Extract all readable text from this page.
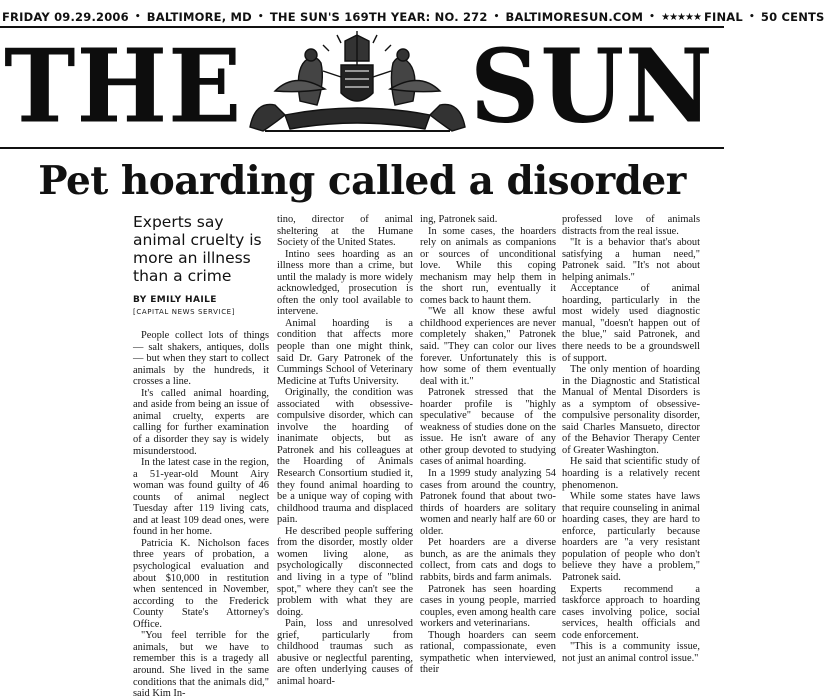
FRIDAY 09.29.2006 • BALTIMORE, MD • THE SUN'S 169TH YEAR: NO. 272 • BALTIMORESUN.COM • ★★★★★ FINAL • 50 CENTS
THE SUN
Pet hoarding called a disorder
Experts say animal cruelty is more an illness than a crime
BY EMILY HAILE
[CAPITAL NEWS SERVICE]

People collect lots of things — salt shakers, antiques, dolls — but when they start to collect animals by the hundreds, it crosses a line.

It's called animal hoarding, and aside from being an issue of animal cruelty, experts are calling for further examination of a disorder they say is widely misunderstood.

In the latest case in the region, a 51-year-old Mount Airy woman was found guilty of 46 counts of animal neglect Tuesday after 119 living cats, and at least 109 dead ones, were found in her home.

Patricia K. Nicholson faces three years of probation, a psychological evaluation and about $10,000 in restitution when sentenced in November, according to the Frederick County State's Attorney's Office.

"You feel terrible for the animals, but we have to remember this is a tragedy all around. She lived in the same conditions that the animals did," said Kim In-

tino, director of animal sheltering at the Humane Society of the United States.

Intino sees hoarding as an illness more than a crime, but until the malady is more widely acknowledged, prosecution is often the only tool available to intervene.

Animal hoarding is a condition that affects more people than one might think, said Dr. Gary Patronek of the Cummings School of Veterinary Medicine at Tufts University.

Originally, the condition was associated with obsessive-compulsive disorder, which can involve the hoarding of inanimate objects, but as Patronek and his colleagues at the Hoarding of Animals Research Consortium studied it, they found animal hoarding to be a unique way of coping with childhood trauma and displaced pain.

He described people suffering from the disorder, mostly older women living alone, as psychologically disconnected and living in a type of "blind spot," where they can't see the problem with what they are doing.

Pain, loss and unresolved grief, particularly from childhood traumas such as abusive or neglectful parenting, are often underlying causes of animal hoard-

ing, Patronek said.

In some cases, the hoarders rely on animals as companions or sources of unconditional love. While this coping mechanism may help them in the short run, eventually it comes back to haunt them.

"We all know these awful childhood experiences are never completely shaken," Patronek said. "They can color our lives forever. Unfortunately this is how some of them eventually deal with it."

Patronek stressed that the hoarder profile is "highly speculative" because of the weakness of studies done on the issue. He isn't aware of any other group devoted to studying cases of animal hoarding.

In a 1999 study analyzing 54 cases from around the country, Patronek found that about two-thirds of hoarders are solitary women and nearly half are 60 or older.

Pet hoarders are a diverse bunch, as are the animals they collect, from cats and dogs to rabbits, birds and farm animals.

Patronek has seen hoarding cases in young people, married couples, even among health care workers and veterinarians.

Though hoarders can seem rational, compassionate, even sympathetic when interviewed, their

professed love of animals distracts from the real issue.

"It is a behavior that's about satisfying a human need," Patronek said. "It's not about helping animals."

Acceptance of animal hoarding, particularly in the most widely used diagnostic manual, "doesn't happen out of the blue," said Patronek, and there needs to be a groundswell of support.

The only mention of hoarding in the Diagnostic and Statistical Manual of Mental Disorders is as a symptom of obsessive-compulsive personality disorder, said Charles Mansueto, director of the Behavior Therapy Center of Greater Washington.

He said that scientific study of hoarding is a relatively recent phenomenon.

While some states have laws that require counseling in animal hoarding cases, they are hard to enforce, particularly because hoarders are "a very resistant population of people who don't believe they have a problem," Patronek said.

Experts recommend a taskforce approach to hoarding cases involving police, social services, health officials and code enforcement.

"This is a community issue, not just an animal control issue."
